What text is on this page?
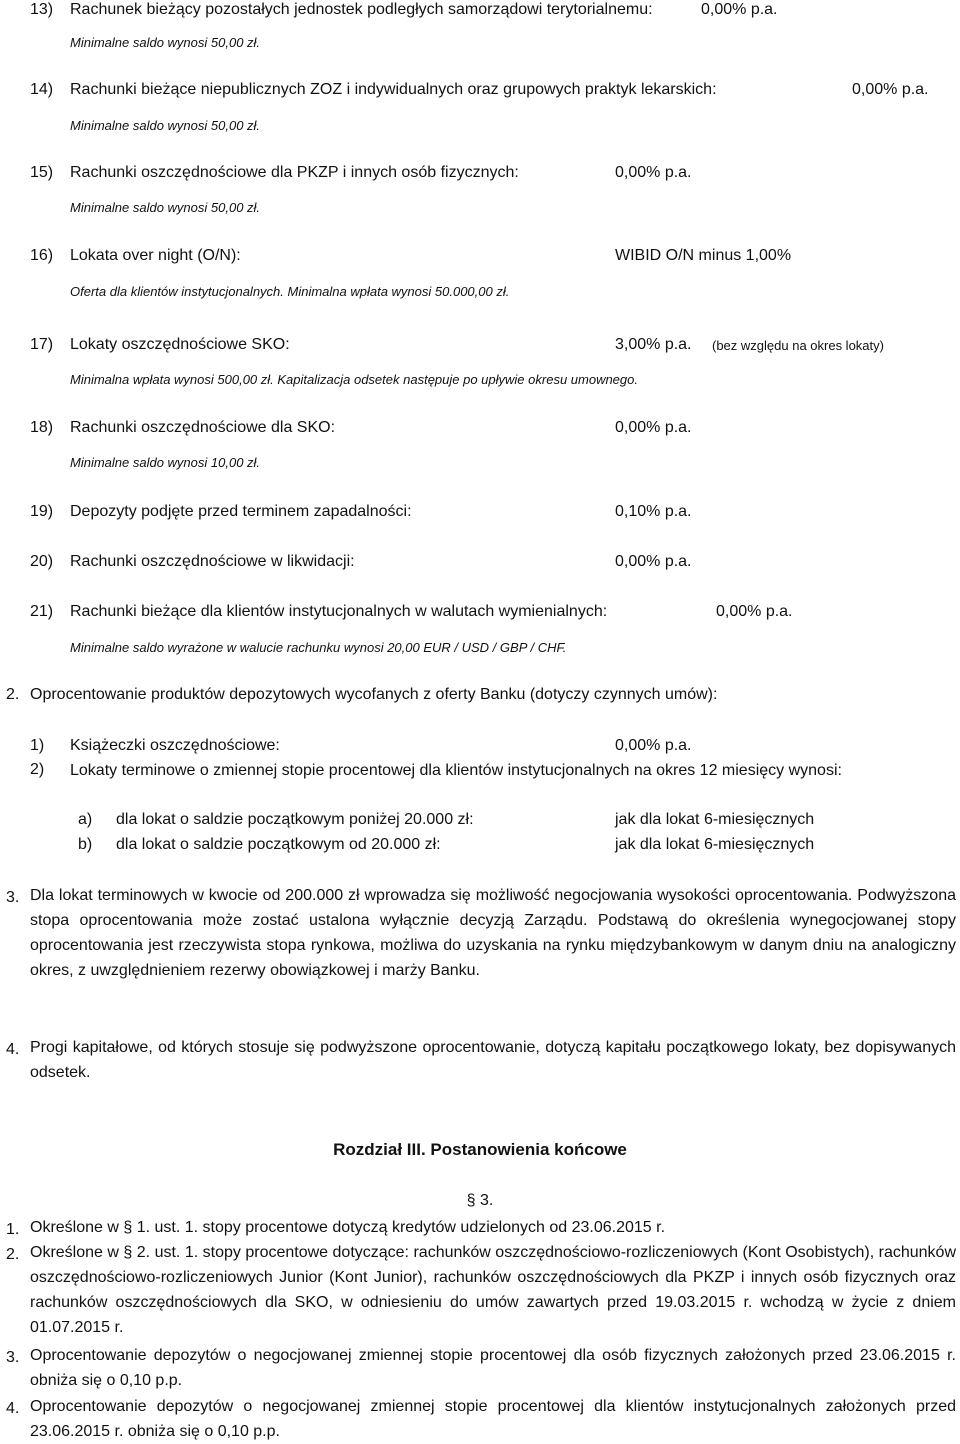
13) Rachunek bieżący pozostałych jednostek podległych samorządowi terytorialnemu:	0,00% p.a.
Minimalne saldo wynosi 50,00 zł.
14) Rachunki bieżące niepublicznych ZOZ i indywidualnych oraz grupowych praktyk lekarskich:	0,00% p.a.
Minimalne saldo wynosi 50,00 zł.
15) Rachunki oszczędnościowe dla PKZP i innych osób fizycznych:	0,00% p.a.
Minimalne saldo wynosi 50,00 zł.
16) Lokata over night (O/N):	WIBID O/N minus 1,00%
Oferta dla klientów instytucjonalnych. Minimalna wpłata wynosi 50.000,00 zł.
17) Lokaty oszczędnościowe SKO:	3,00% p.a. (bez względu na okres lokaty)
Minimalna wpłata wynosi 500,00 zł. Kapitalizacja odsetek następuje po upływie okresu umownego.
18) Rachunki oszczędnościowe dla SKO:	0,00% p.a.
Minimalne saldo wynosi 10,00 zł.
19) Depozyty podjęte przed terminem zapadalności:	0,10% p.a.
20) Rachunki oszczędnościowe w likwidacji:	0,00% p.a.
21) Rachunki bieżące dla klientów instytucjonalnych w walutach wymienialnych:	0,00% p.a.
Minimalne saldo wyrażone w walucie rachunku wynosi 20,00 EUR / USD / GBP / CHF.
2. Oprocentowanie produktów depozytowych wycofanych z oferty Banku (dotyczy czynnych umów):
1) Książeczki oszczędnościowe:	0,00% p.a.
2) Lokaty terminowe o zmiennej stopie procentowej dla klientów instytucjonalnych na okres 12 miesięcy wynosi:
a) dla lokat o saldzie początkowym poniżej 20.000 zł:	jak dla lokat 6-miesięcznych
b) dla lokat o saldzie początkowym od 20.000 zł:	jak dla lokat 6-miesięcznych
3. Dla lokat terminowych w kwocie od 200.000 zł wprowadza się możliwość negocjowania wysokości oprocentowania. Podwyższona stopa oprocentowania może zostać ustalona wyłącznie decyzją Zarządu. Podstawą do określenia wynegocjowanej stopy oprocentowania jest rzeczywista stopa rynkowa, możliwa do uzyskania na rynku międzybankowym w danym dniu na analogiczny okres, z uwzględnieniem rezerwy obowiązkowej i marży Banku.
4. Progi kapitałowe, od których stosuje się podwyższone oprocentowanie, dotyczą kapitału początkowego lokaty, bez dopisywanych odsetek.
Rozdział III. Postanowienia końcowe
§ 3.
1. Określone w § 1. ust. 1. stopy procentowe dotyczą kredytów udzielonych od 23.06.2015 r.
2. Określone w § 2. ust. 1. stopy procentowe dotyczące: rachunków oszczędnościowo-rozliczeniowych (Kont Osobistych), rachunków oszczędnościowo-rozliczeniowych Junior (Kont Junior), rachunków oszczędnościowych dla PKZP i innych osób fizycznych oraz rachunków oszczędnościowych dla SKO, w odniesieniu do umów zawartych przed 19.03.2015 r. wchodzą w życie z dniem 01.07.2015 r.
3. Oprocentowanie depozytów o negocjowanej zmiennej stopie procentowej dla osób fizycznych założonych przed 23.06.2015 r. obniża się o 0,10 p.p.
4. Oprocentowanie depozytów o negocjowanej zmiennej stopie procentowej dla klientów instytucjonalnych założonych przed 23.06.2015 r. obniża się o 0,10 p.p.
